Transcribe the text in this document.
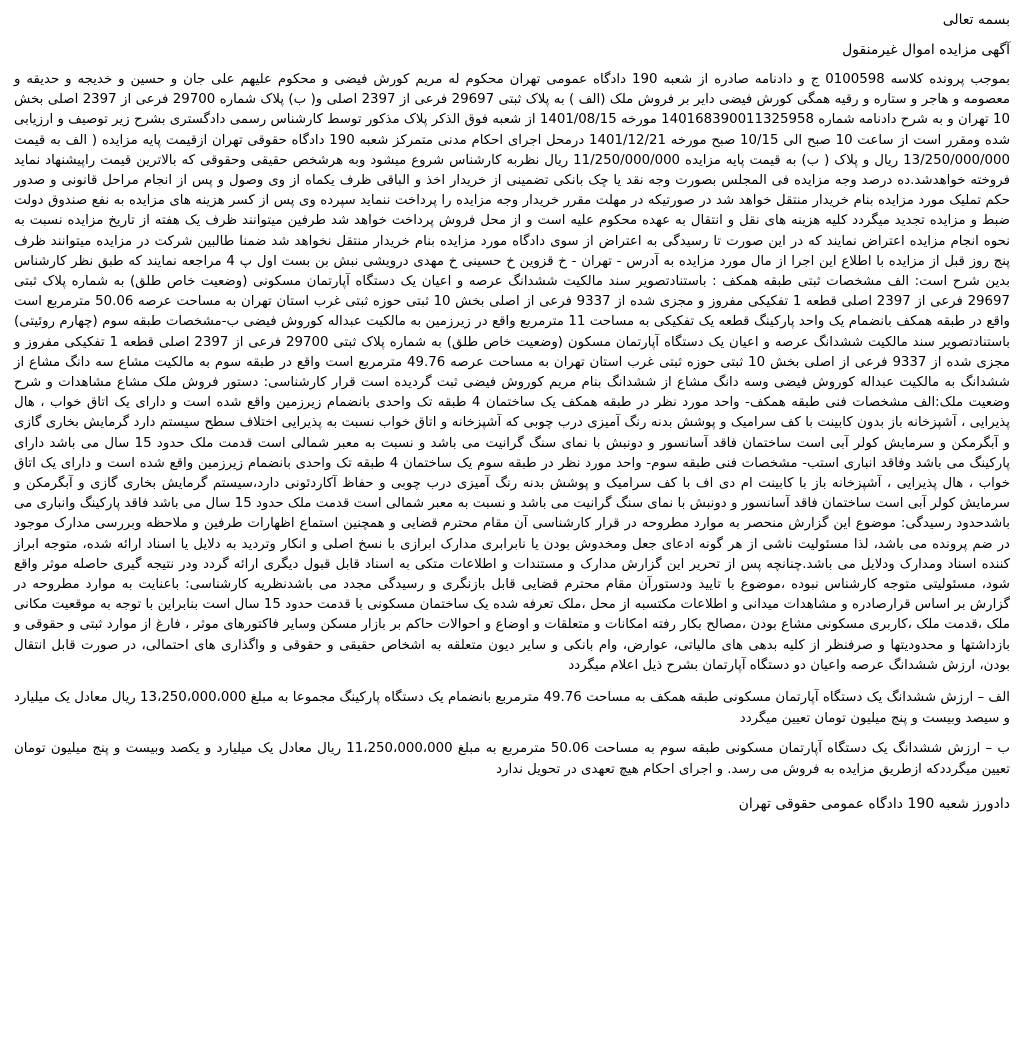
بسمه تعالی

آگهی مزایده اموال غیرمنقول

بموجب پرونده کلاسه 0100598 ج و دادنامه صادره از شعبه 190 دادگاه عمومی تهران محکوم له مریم کورش فیضی و محکوم علیهم علی جان و حسین و خدیجه و حدیقه و معصومه و هاجر و ستاره و رقیه همگی کورش فیضی دایر بر فروش ملک (الف ) به پلاک ثبتی 29697 فرعی از 2397 اصلی و( ب) پلاک شماره 29700 فرعی از 2397 اصلی بخش 10 تهران و به شرح دادنامه شماره 140168390011325958 مورخه 1401/08/15 از شعبه فوق الذکر پلاک مذکور توسط کارشناس رسمی دادگستری بشرح زیر توصیف و ارزیابی شده ومقرر است از ساعت 10 صبح الی 10/15 صبح مورخه 1401/12/21 درمحل اجرای احکام مدنی متمرکز شعبه 190 دادگاه حقوقی تهران ازقیمت پایه مزایده ( الف به قیمت 13/250/000/000 ریال و پلاک ( ب) به قیمت پایه مزایده 11/250/000/000 ریال نظربه کارشناس شروع میشود وبه هرشخص حقیقی وحقوقی که بالاترین قیمت راپیشنهاد نماید فروخته خواهدشد.ده درصد وجه مزایده فی المجلس بصورت وجه نقد یا چک بانکی تضمینی از خریدار اخذ و الباقی ظرف یکماه از وی وصول و پس از انجام مراحل قانونی و صدور حکم تملیک مورد مزایده بنام خریدار منتقل خواهد شد در صورتیکه در مهلت مقرر خریدار وجه مزایده را پرداخت ننماید سپرده وی پس از کسر هزینه های مزایده به نفع صندوق دولت ضبط و مزایده تجدید میگردد کلیه هزینه های نقل و انتقال به عهده محکوم علیه است و از محل فروش پرداخت خواهد شد طرفین میتوانند ظرف یک هفته از تاریخ مزایده نسبت به نحوه انجام مزایده اعتراض نمایند که در این صورت تا رسیدگی به اعتراض از سوی دادگاه مورد مزایده بنام خریدار منتقل نخواهد شد ضمنا طالبین شرکت در مزایده میتوانند ظرف پنج روز قبل از مزایده با اطلاع این اجرا از مال مورد مزایده به آدرس - تهران - خ قزوین خ حسینی خ مهدی درویشی نبش بن بست اول پ 4 مراجعه نمایند که طبق نظر کارشناس بدین شرح است: الف مشخصات ثبتی طبقه همکف : باستنادتصویر سند مالکیت ششدانگ عرصه و اعیان یک دستگاه آپارتمان مسکونی (وضعیت خاص طلق) به شماره پلاک ثبتی 29697 فرعی از 2397 اصلی قطعه 1 تفکیکی مفروز و مجزی شده از 9337 فرعی از اصلی بخش 10 ثبتی حوزه ثبتی غرب استان تهران به مساحت عرصه 50.06 مترمربع است واقع در طبقه همکف بانضمام یک واحد پارکینگ قطعه یک تفکیکی به مساحت 11 مترمربع واقع در زیرزمین به مالکیت عبداله کوروش فیضی ب-مشخصات طبقه سوم (چهارم روئیتی) باستنادتصویر سند مالکیت ششدانگ عرصه و اعیان یک دستگاه آپارتمان مسکون (وضعیت خاص طلق) به شماره پلاک ثبتی 29700 فرعی از 2397 اصلی قطعه 1 تفکیکی مفروز و مجزی شده از 9337 فرعی از اصلی بخش 10 ثبتی حوزه ثبتی غرب استان تهران به مساحت عرصه 49.76 مترمربع است واقع در طبقه سوم به مالکیت مشاع سه دانگ مشاع از ششدانگ به مالکیت عبداله کوروش فیضی وسه دانگ مشاع از ششدانگ بنام مریم کوروش فیضی ثبت گردیده است قرار کارشناسی: دستور فروش ملک مشاع مشاهدات و شرح وضعیت ملک:الف مشخصات فنی طبقه همکف- واحد مورد نظر در طبقه همکف یک ساختمان 4 طبقه تک واحدی بانضمام زیرزمین واقع شده است و دارای یک اتاق خواب ، هال پذیرایی ، آشپزخانه باز بدون کابینت با کف سرامیک و پوشش بدنه رنگ آمیزی درب چوبی که آشپزخانه و اتاق خواب نسبت به پذیرایی اختلاف سطح سیستم دارد گرمایش بخاری گازی و آبگرمکن و سرمایش کولر آبی است ساختمان فاقد آسانسور و دونبش با نمای سنگ گرانیت می باشد و نسبت به معبر شمالی است قدمت ملک حدود 15 سال می باشد دارای پارکینگ می باشد وفاقد انباری استب- مشخصات فنی طبقه سوم- واحد مورد نظر در طبقه سوم یک ساختمان 4 طبقه تک واحدی بانضمام زیرزمین واقع شده است و دارای یک اتاق خواب ، هال پذیرایی ، آشپزخانه باز با کابینت ام دی اف با کف سرامیک و پوشش بدنه رنگ آمیزی درب چوبی و حفاظ آکاردئونی دارد،سیستم گرمایش بخاری گازی و آبگرمکن و سرمایش کولر آبی است ساختمان فاقد آسانسور و دونبش با نمای سنگ گرانیت می باشد و نسبت به معبر شمالی است قدمت ملک حدود 15 سال می باشد فاقد پارکینگ وانباری می باشدحدود رسیدگی: موضوع این گزارش منحصر به موارد مطروحه در قرار کارشناسی آن مقام محترم قضایی و همچنین استماع اظهارات طرفین و ملاحظه وبررسی مدارک موجود در ضم پرونده می باشد، لذا مسئولیت ناشی از هر گونه ادعای جعل ومخدوش بودن یا نابرابری مدارک ابرازی با نسخ اصلی و انکار وتردید به دلایل یا اسناد ارائه شده، متوجه ابراز کننده اسناد ومدارک ودلایل می باشد.چنانچه پس از تحریر این گزارش مدارک و مستندات و اطلاعات متکی به اسناد قابل قبول دیگری ارائه گردد ودر نتیجه گیری حاصله موثر واقع شود، مسئولیتی متوجه کارشناس نبوده ،موضوع با تایید ودستورآن مقام محترم قضایی قابل بازنگری و رسیدگی مجدد می باشدنظریه کارشناسی: باعنایت به موارد مطروحه در گزارش بر اساس قرارصادره و مشاهدات میدانی و اطلاعات مکتسبه از محل ،ملک تعرفه شده یک ساختمان مسکونی با قدمت حدود 15 سال است بنابراین با توجه به موقعیت مکانی ملک ،قدمت ملک ،کاربری مسکونی مشاع بودن ،مصالح بکار رفته امکانات و متعلقات و اوضاع و احوالات حاکم بر بازار مسکن وسایر فاکتورهای موثر ، فارغ از موارد ثبتی و حقوقی و بازداشتها و محدودیتها و صرفنظر از کلیه بدهی های مالیاتی، عوارض، وام بانکی و سایر دیون متعلقه به اشخاص حقیقی و حقوقی و واگذاری های احتمالی، در صورت قابل انتقال بودن، ارزش ششدانگ عرصه واعیان دو دستگاه آپارتمان بشرح ذیل اعلام میگردد

الف – ارزش ششدانگ یک دستگاه آپارتمان مسکونی طبقه همکف به مساحت 49.76 مترمربع بانضمام یک دستگاه پارکینگ مجموعا به مبلغ 13،250،000،000 ریال معادل یک میلیارد و سیصد وبیست و پنج میلیون تومان تعیین میگردد

ب – ارزش ششدانگ یک دستگاه آپارتمان مسکونی طبقه سوم به مساحت 50.06 مترمربع به مبلغ 11،250،000،000 ریال معادل یک میلیارد و یکصد وبیست و پنج میلیون تومان تعیین میگرددکه ازطریق مزایده به فروش می رسد. و اجرای احکام هیچ تعهدی در تحویل ندارد

دادورز شعبه 190 دادگاه عمومی حقوقی تهران
